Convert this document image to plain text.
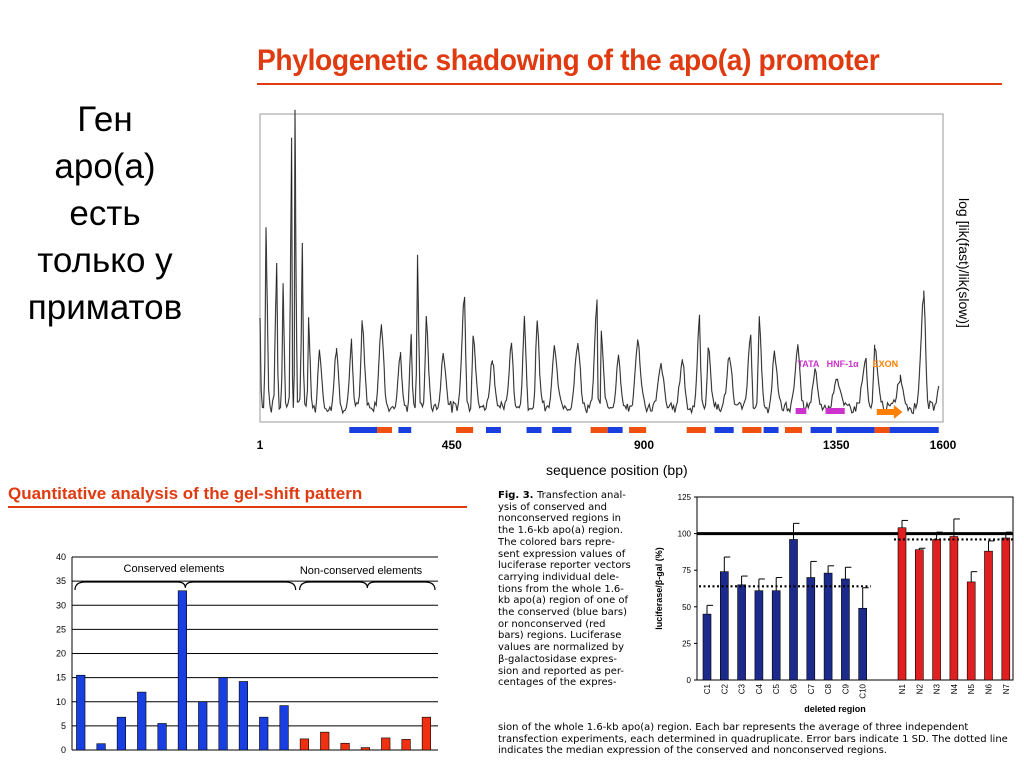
Phylogenetic shadowing of the apo(a) promoter
Ген
apo(a)
есть
только у
приматов
TATA HNF-1α EXON
1	450	900	1350	1600
0
5
10
15
20
25
30
35
40
Conserved elements	Non-conserved elements
0
25
50
75
100
125
C1 C2 C3 C4 C5 C6 C7 C8 C9 C10	N1 N2 N3 N4 N5 N6 N7
deleted region
luciferase/β-gal (%)
log [lik(fast)/lik(slow)]
sequence position (bp)
Quantitative analysis of the gel-shift pattern	Fig. 3. Transfection anal-
ysis of conserved and
nonconserved regions in
the 1.6-kb apo(a) region.
The colored bars repre-
sent expression values of
luciferase reporter vectors
carrying individual dele-
tions from the whole 1.6-
kb apo(a) region of one of
the conserved (blue bars)
or nonconserved (red
bars) regions. Luciferase
values are normalized by
β-galactosidase expres-
sion and reported as per-
centages of the expres-
sion of the whole 1.6-kb apo(a) region. Each bar represents the average of three independent transfection experiments, each determined in quadruplicate. Error bars indicate 1 SD. The dotted line indicates the median expression of the conserved and nonconserved regions.
